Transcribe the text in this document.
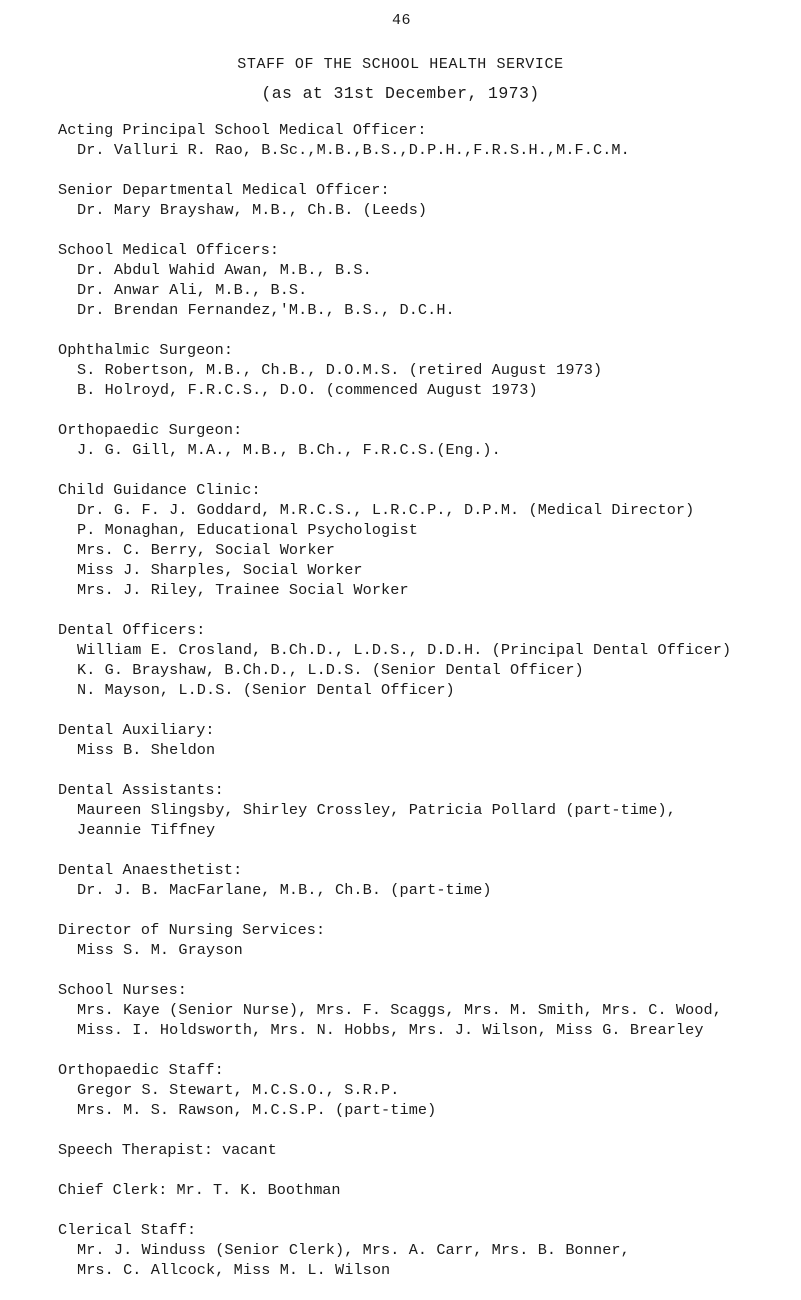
46
STAFF OF THE SCHOOL HEALTH SERVICE
(as at 31st December, 1973)
Acting Principal School Medical Officer:
Dr. Valluri R. Rao, B.Sc.,M.B.,B.S.,D.P.H.,F.R.S.H.,M.F.C.M.
Senior Departmental Medical Officer:
Dr. Mary Brayshaw, M.B., Ch.B. (Leeds)
School Medical Officers:
Dr. Abdul Wahid Awan, M.B., B.S.
Dr. Anwar Ali, M.B., B.S.
Dr. Brendan Fernandez,'M.B., B.S., D.C.H.
Ophthalmic Surgeon:
S. Robertson, M.B., Ch.B., D.O.M.S. (retired August 1973)
B. Holroyd, F.R.C.S., D.O. (commenced August 1973)
Orthopaedic Surgeon:
J. G. Gill, M.A., M.B., B.Ch., F.R.C.S.(Eng.).
Child Guidance Clinic:
Dr. G. F. J. Goddard, M.R.C.S., L.R.C.P., D.P.M. (Medical Director)
P. Monaghan, Educational Psychologist
Mrs. C. Berry, Social Worker
Miss J. Sharples, Social Worker
Mrs. J. Riley, Trainee Social Worker
Dental Officers:
William E. Crosland, B.Ch.D., L.D.S., D.D.H. (Principal Dental Officer)
K. G. Brayshaw, B.Ch.D., L.D.S. (Senior Dental Officer)
N. Mayson, L.D.S. (Senior Dental Officer)
Dental Auxiliary:
Miss B. Sheldon
Dental Assistants:
Maureen Slingsby, Shirley Crossley, Patricia Pollard (part-time),
Jeannie Tiffney
Dental Anaesthetist:
Dr. J. B. MacFarlane, M.B., Ch.B. (part-time)
Director of Nursing Services:
Miss S. M. Grayson
School Nurses:
Mrs. Kaye (Senior Nurse), Mrs. F. Scaggs, Mrs. M. Smith, Mrs. C. Wood,
Miss. I. Holdsworth, Mrs. N. Hobbs, Mrs. J. Wilson, Miss G. Brearley
Orthopaedic Staff:
Gregor S. Stewart, M.C.S.O., S.R.P.
Mrs. M. S. Rawson, M.C.S.P. (part-time)
Speech Therapist: vacant
Chief Clerk: Mr. T. K. Boothman
Clerical Staff:
Mr. J. Winduss (Senior Clerk), Mrs. A. Carr, Mrs. B. Bonner,
Mrs. C. Allcock, Miss M. L. Wilson
